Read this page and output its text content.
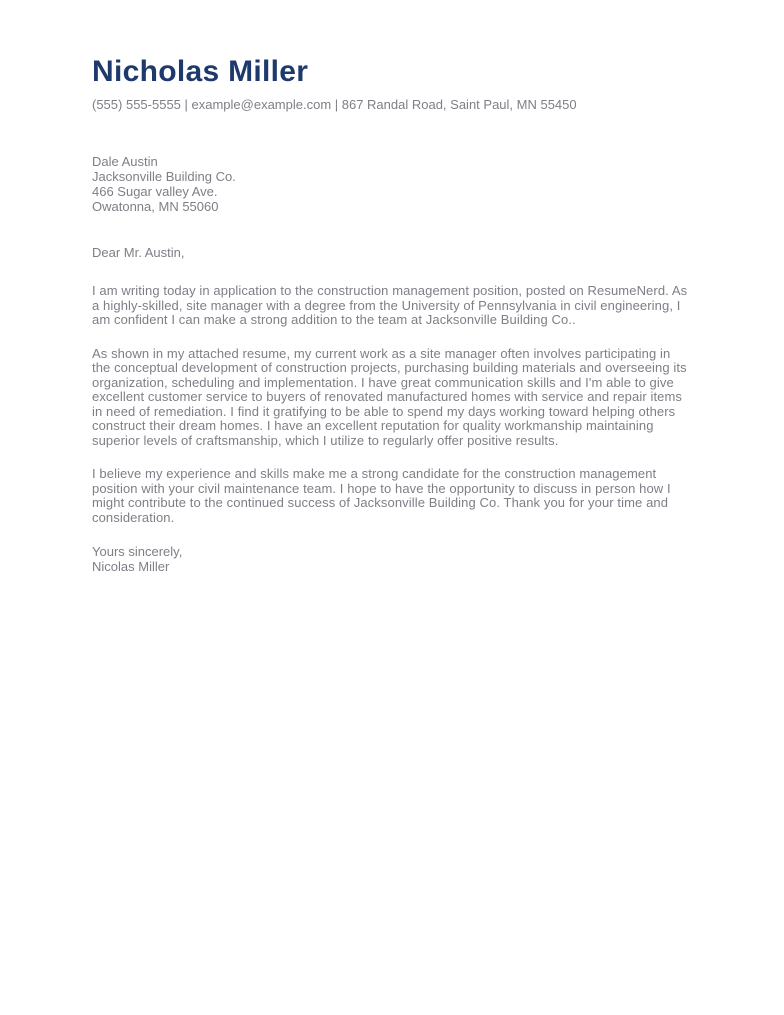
Nicholas Miller
(555) 555-5555 | example@example.com | 867 Randal Road, Saint Paul, MN 55450
Dale Austin
Jacksonville Building Co.
466 Sugar valley Ave.
Owatonna, MN 55060
Dear Mr. Austin,

I am writing today in application to the construction management position, posted on ResumeNerd. As a highly-skilled, site manager with a degree from the University of Pennsylvania in civil engineering, I am confident I can make a strong addition to the team at Jacksonville Building Co..

As shown in my attached resume, my current work as a site manager often involves participating in the conceptual development of construction projects, purchasing building materials and overseeing its organization, scheduling and implementation. I have great communication skills and I'm able to give excellent customer service to buyers of renovated manufactured homes with service and repair items in need of remediation. I find it gratifying to be able to spend my days working toward helping others construct their dream homes. I have an excellent reputation for quality workmanship maintaining superior levels of craftsmanship, which I utilize to regularly offer positive results.

I believe my experience and skills make me a strong candidate for the construction management position with your civil maintenance team. I hope to have the opportunity to discuss in person how I might contribute to the continued success of Jacksonville Building Co. Thank you for your time and consideration.

Yours sincerely,
Nicolas Miller
